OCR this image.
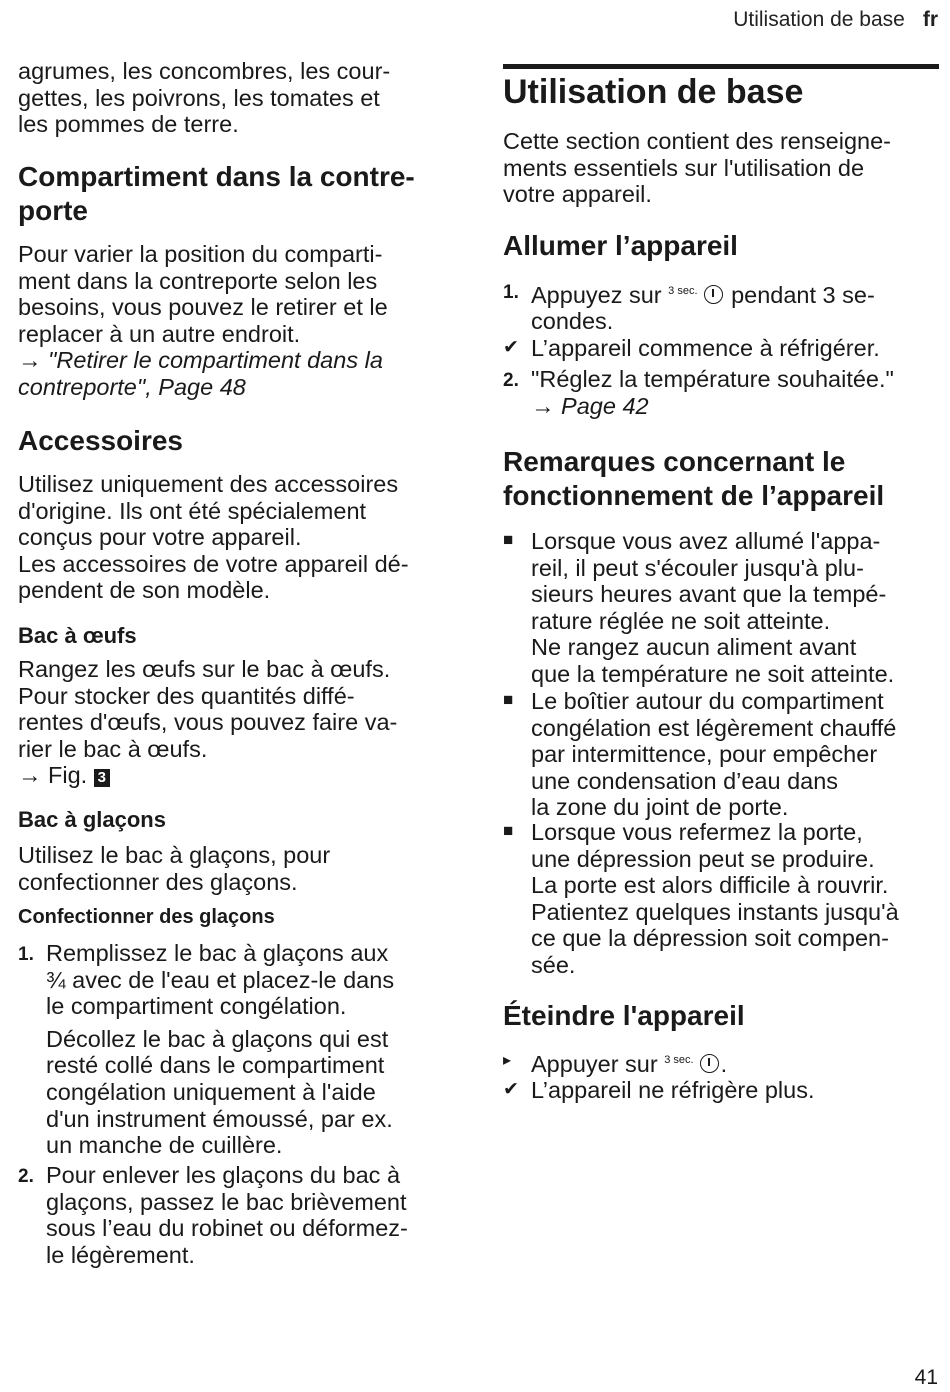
Utilisation de base fr
agrumes, les concombres, les cour-
gettes, les poivrons, les tomates et
les pommes de terre.
Compartiment dans la contre-
porte
Pour varier la position du comparti-
ment dans la contreporte selon les
besoins, vous pouvez le retirer et le
replacer à un autre endroit.
→ "Retirer le compartiment dans la
contreporte", Page 48
Accessoires
Utilisez uniquement des accessoires
d'origine. Ils ont été spécialement
conçus pour votre appareil.
Les accessoires de votre appareil dé-
pendent de son modèle.
Bac à œufs
Rangez les œufs sur le bac à œufs.
Pour stocker des quantités diffé-
rentes d'œufs, vous pouvez faire va-
rier le bac à œufs.
→ Fig. 3
Bac à glaçons
Utilisez le bac à glaçons, pour
confectionner des glaçons.
Confectionner des glaçons
1. Remplissez le bac à glaçons aux
¾ avec de l'eau et placez-le dans
le compartiment congélation.
Décollez le bac à glaçons qui est
resté collé dans le compartiment
congélation uniquement à l'aide
d'un instrument émoussé, par ex.
un manche de cuillère.
2. Pour enlever les glaçons du bac à
glaçons, passez le bac brièvement
sous l’eau du robinet ou déformez-
le légèrement.
Utilisation de base
Cette section contient des renseigne-
ments essentiels sur l'utilisation de
votre appareil.
Allumer l’appareil
1. Appuyez sur $^{3 sec.}$ pendant 3 se-
condes.
✔ L’appareil commence à réfrigérer.
2. "Réglez la température souhaitée."
→ Page 42
Remarques concernant le
fonctionnement de l’appareil
■ Lorsque vous avez allumé l'appa-
reil, il peut s'écouler jusqu'à plu-
sieurs heures avant que la tempé-
rature réglée ne soit atteinte.
Ne rangez aucun aliment avant
que la température ne soit atteinte.
■ Le boîtier autour du compartiment
congélation est légèrement chauffé
par intermittence, pour empêcher
une condensation d’eau dans
la zone du joint de porte.
■ Lorsque vous refermez la porte,
une dépression peut se produire.
La porte est alors difficile à rouvrir.
Patientez quelques instants jusqu'à
ce que la dépression soit compen-
sée.
Éteindre l'appareil
▸ Appuyer sur $^{3 sec.}$ .
✔ L’appareil ne réfrigère plus.
41
